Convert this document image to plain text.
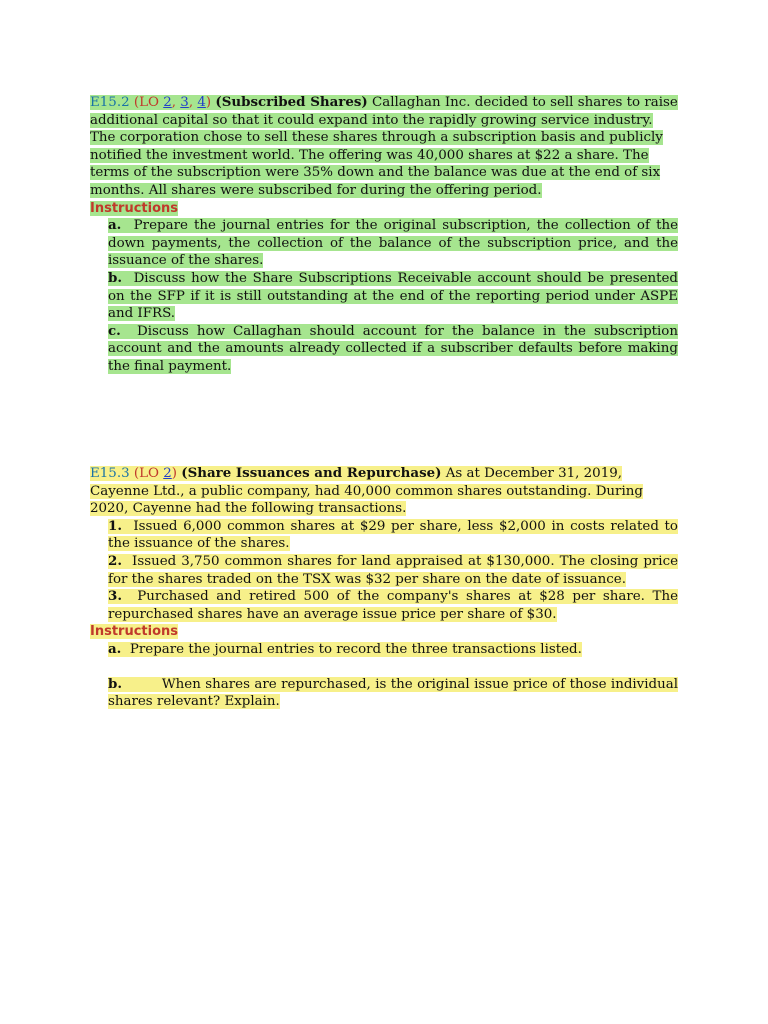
E15.2 (LO 2, 3, 4) (Subscribed Shares) Callaghan Inc. decided to sell shares to raise additional capital so that it could expand into the rapidly growing service industry. The corporation chose to sell these shares through a subscription basis and publicly notified the investment world. The offering was 40,000 shares at $22 a share. The terms of the subscription were 35% down and the balance was due at the end of six months. All shares were subscribed for during the offering period.

Instructions

a. Prepare the journal entries for the original subscription, the collection of the down payments, the collection of the balance of the subscription price, and the issuance of the shares.
b. Discuss how the Share Subscriptions Receivable account should be presented on the SFP if it is still outstanding at the end of the reporting period under ASPE and IFRS.
c. Discuss how Callaghan should account for the balance in the subscription account and the amounts already collected if a subscriber defaults before making the final payment.

E15.3 (LO 2) (Share Issuances and Repurchase) As at December 31, 2019, Cayenne Ltd., a public company, had 40,000 common shares outstanding. During 2020, Cayenne had the following transactions.

1. Issued 6,000 common shares at $29 per share, less $2,000 in costs related to the issuance of the shares.
2. Issued 3,750 common shares for land appraised at $130,000. The closing price for the shares traded on the TSX was $32 per share on the date of issuance.
3. Purchased and retired 500 of the company's shares at $28 per share. The repurchased shares have an average issue price per share of $30.

Instructions

a. Prepare the journal entries to record the three transactions listed.
b.	When shares are repurchased, is the original issue price of those individual shares relevant? Explain.
